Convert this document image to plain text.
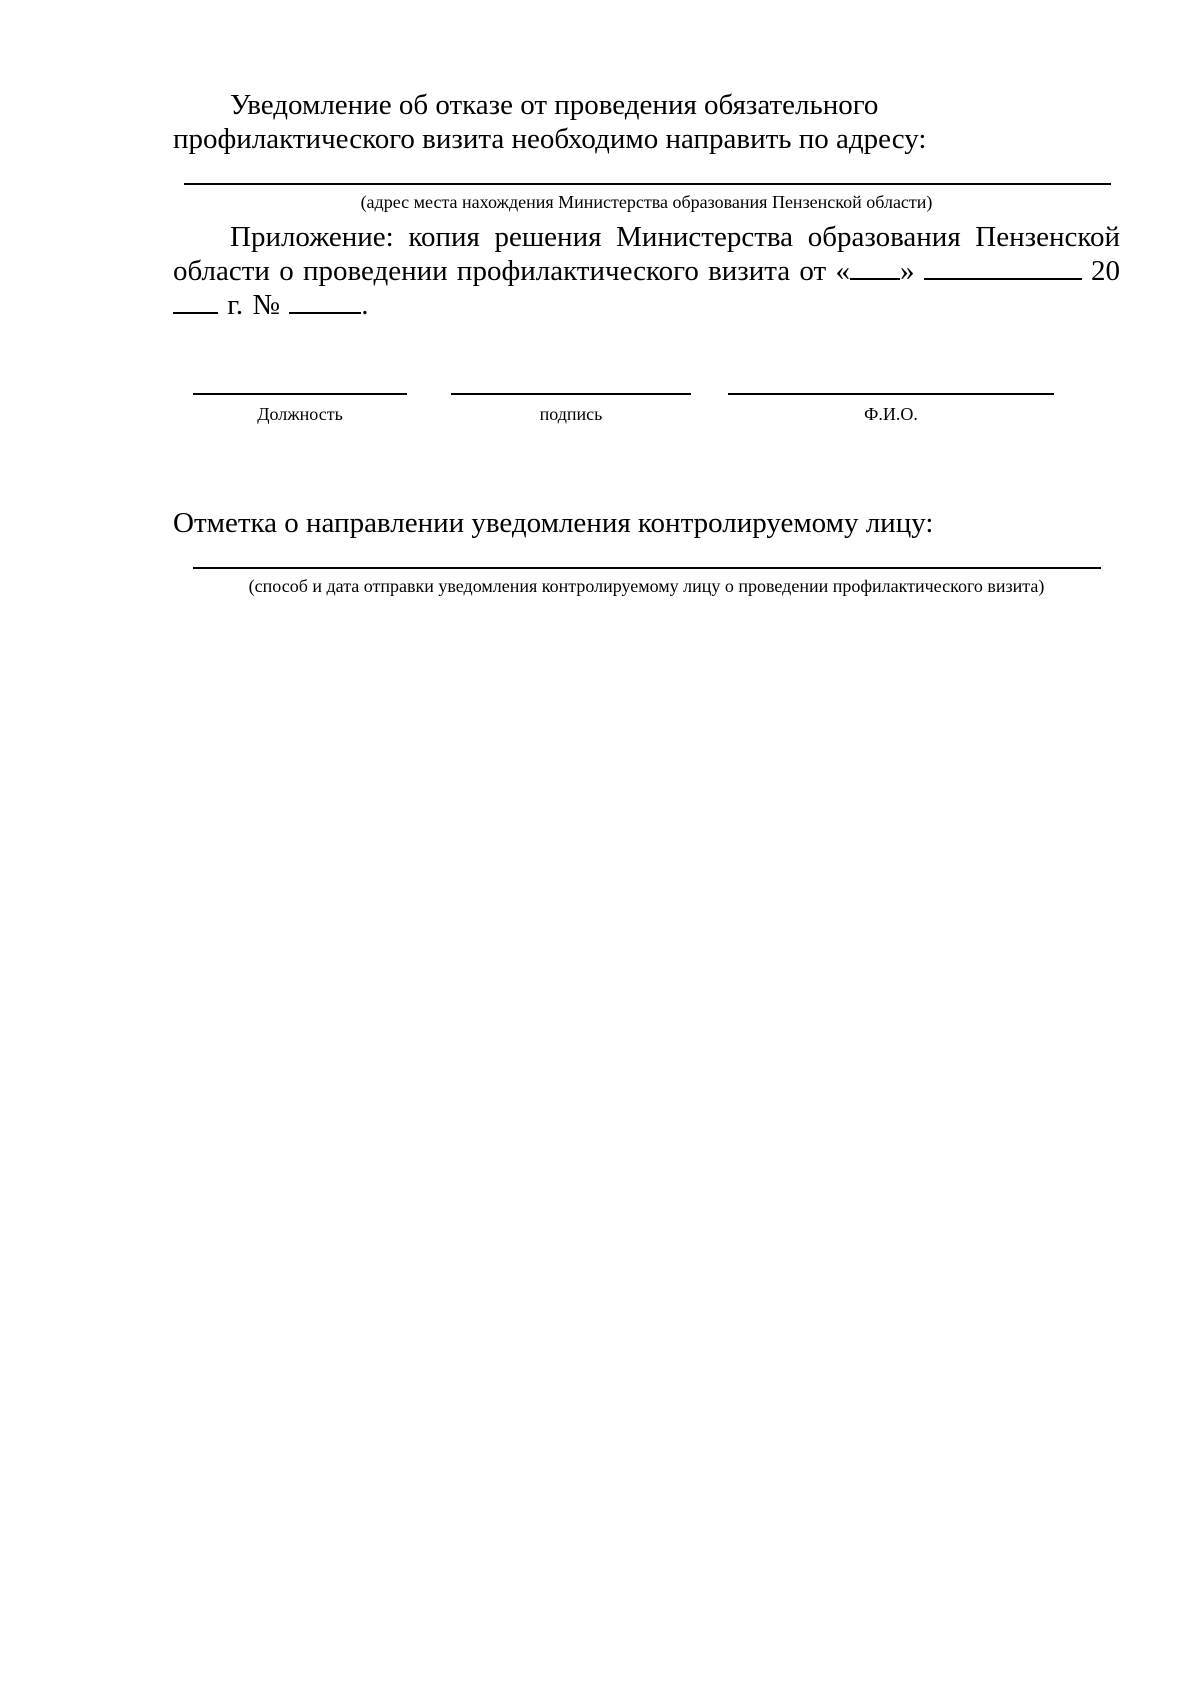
Уведомление об отказе от проведения обязательного профилактического визита необходимо направить по адресу:

(адрес места нахождения Министерства образования Пензенской области)

Приложение: копия решения Министерства образования Пензенской области о проведении профилактического визита от « »	20 г. №	.

Должность	подпись	Ф.И.О.

Отметка о направлении уведомления контролируемому лицу:

(способ и дата отправки уведомления контролируемому лицу о проведении профилактического визита)
